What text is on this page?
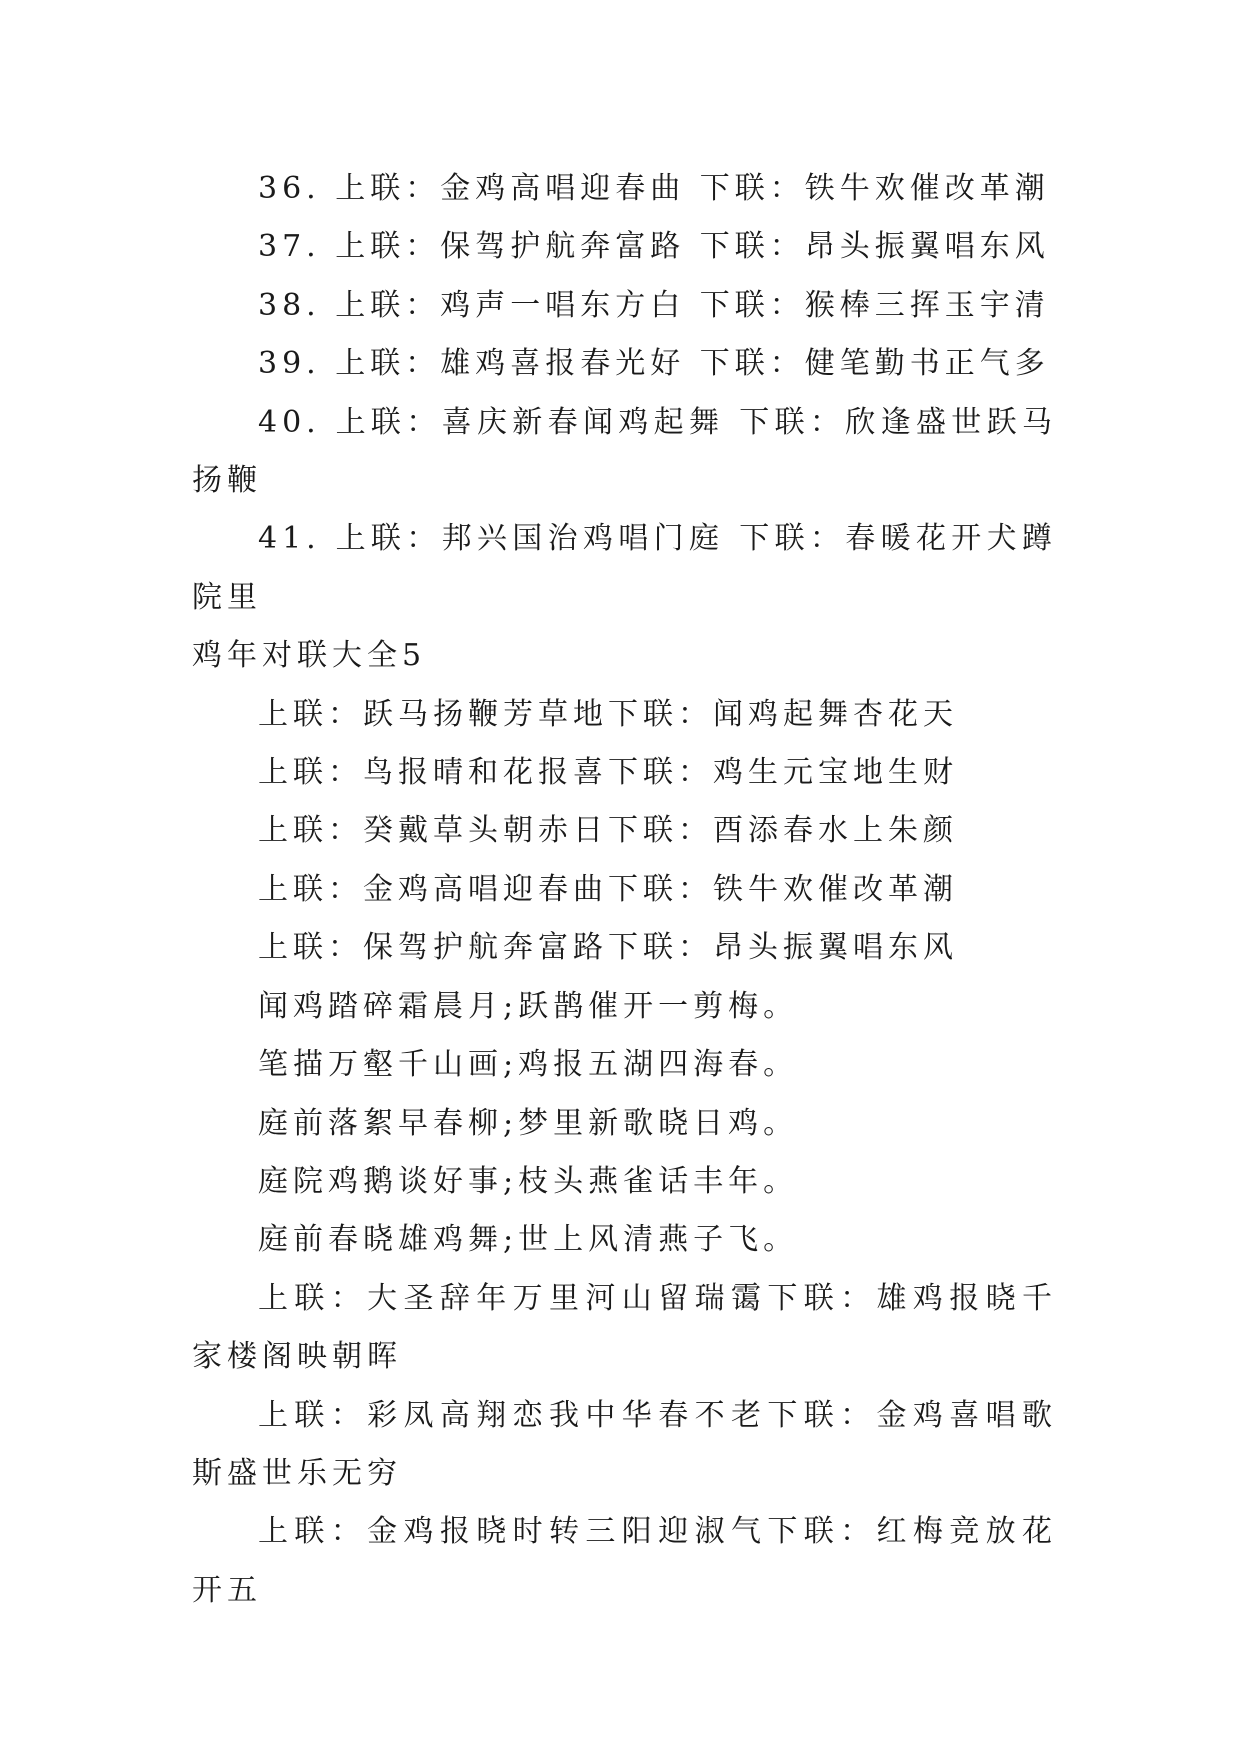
36. 上联：金鸡高唱迎春曲 下联：铁牛欢催改革潮

37. 上联：保驾护航奔富路 下联：昂头振翼唱东风

38. 上联：鸡声一唱东方白 下联：猴棒三挥玉宇清

39. 上联：雄鸡喜报春光好 下联：健笔勤书正气多

40. 上联：喜庆新春闻鸡起舞 下联：欣逢盛世跃马扬鞭

41. 上联：邦兴国治鸡唱门庭 下联：春暖花开犬蹲院里

鸡年对联大全5

上联：跃马扬鞭芳草地下联：闻鸡起舞杏花天

上联：鸟报晴和花报喜下联：鸡生元宝地生财

上联：癸戴草头朝赤日下联：酉添春水上朱颜

上联：金鸡高唱迎春曲下联：铁牛欢催改革潮

上联：保驾护航奔富路下联：昂头振翼唱东风

闻鸡踏碎霜晨月;跃鹊催开一剪梅。

笔描万壑千山画;鸡报五湖四海春。

庭前落絮早春柳;梦里新歌晓日鸡。

庭院鸡鹅谈好事;枝头燕雀话丰年。

庭前春晓雄鸡舞;世上风清燕子飞。

上联：大圣辞年万里河山留瑞霭下联：雄鸡报晓千家楼阁映朝晖

上联：彩凤高翔恋我中华春不老下联：金鸡喜唱歌斯盛世乐无穷

上联：金鸡报晓时转三阳迎淑气下联：红梅竞放花开五
